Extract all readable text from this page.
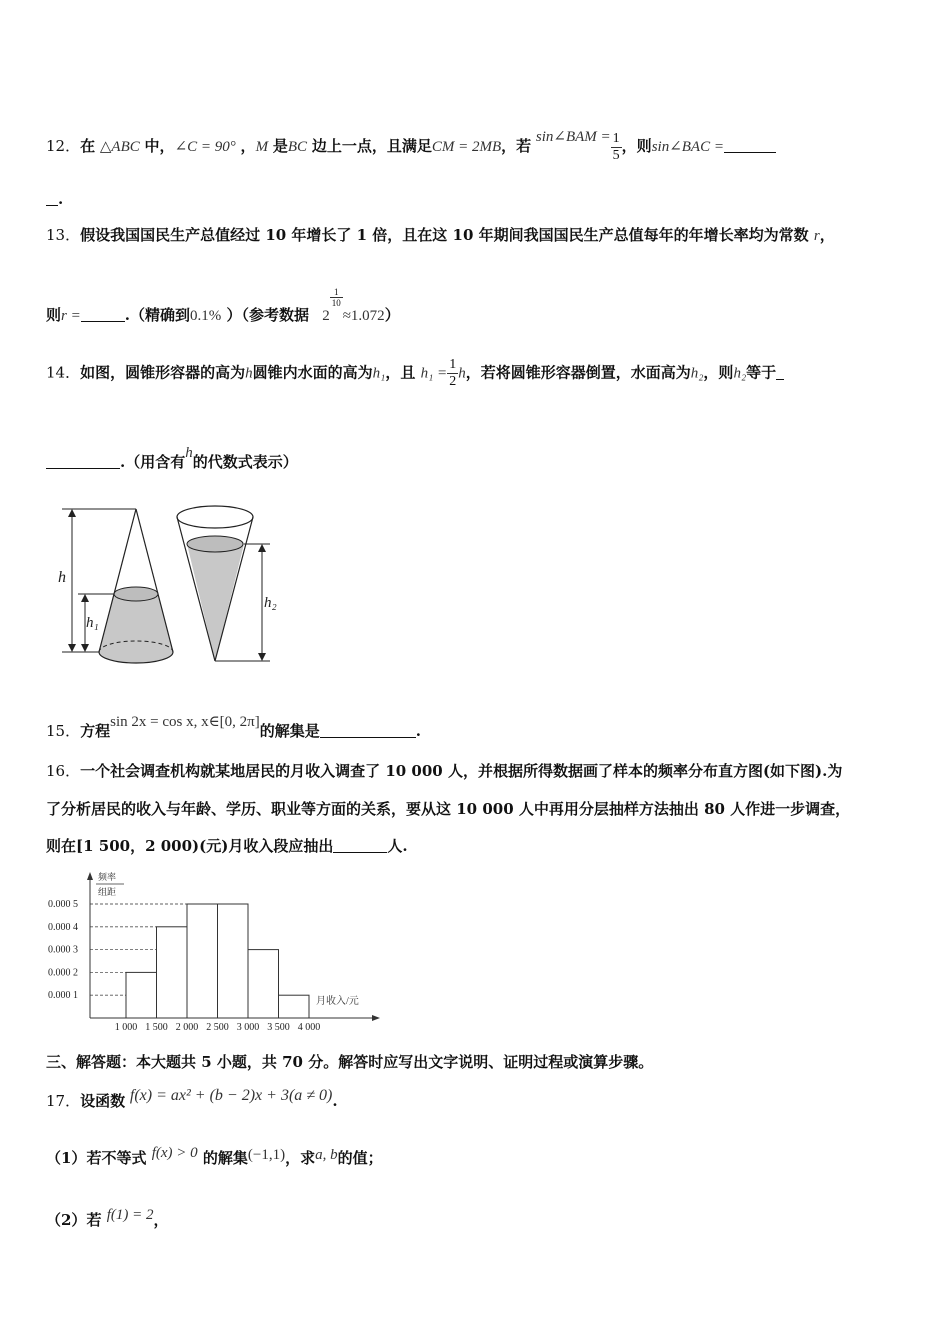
12．在 △ABC 中，∠C = 90° ，M 是BC 边上一点，且满足CM = 2MB，若 sin∠BAM = $\frac{1}{5}$ ，则sin∠BAC =
.
13．假设我国国民生产总值经过 10 年增长了 1 倍，且在这 10 年期间我国国民生产总值每年的年增长率均为常数 r，
则r =	.（精确到0.1% ）（参考数据 2
$\frac{1}{10}$
≈1.072）
14．如图，圆锥形容器的高为h圆锥内水面的高为h₁，且 $h_1 = \frac{1}{2}$ h，若将圆锥形容器倒置，水面高为h₂，则h₂等于
.（用含有h的代数式表示）
h
h₁
h₂
15．方程sin 2x = cos x, x∈[0, 2π]的解集是	.
16．一个社会调查机构就某地居民的月收入调查了 10 000 人，并根据所得数据画了样本的频率分布直方图(如下图).为
了分析居民的收入与年龄、学历、职业等方面的关系，要从这 10 000 人中再用分层抽样方法抽出 80 人作进一步调查，
则在[1 500，2 000)(元)月收入段应抽出	人.
频率
组距
月收入/元
0.000 1
0.000 2
0.000 3
0.000 4
0.000 5
1 000 1 500 2 000 2 500 3 000 3 500 4 000
三、解答题：本大题共 5 小题，共 70 分。解答时应写出文字说明、证明过程或演算步骤。
17．设函数 f(x) = ax² + (b − 2)x + 3(a ≠ 0).
（1）若不等式 f(x) > 0 的解集(−1,1)，求a, b的值；
（2）若 f(1) = 2，
